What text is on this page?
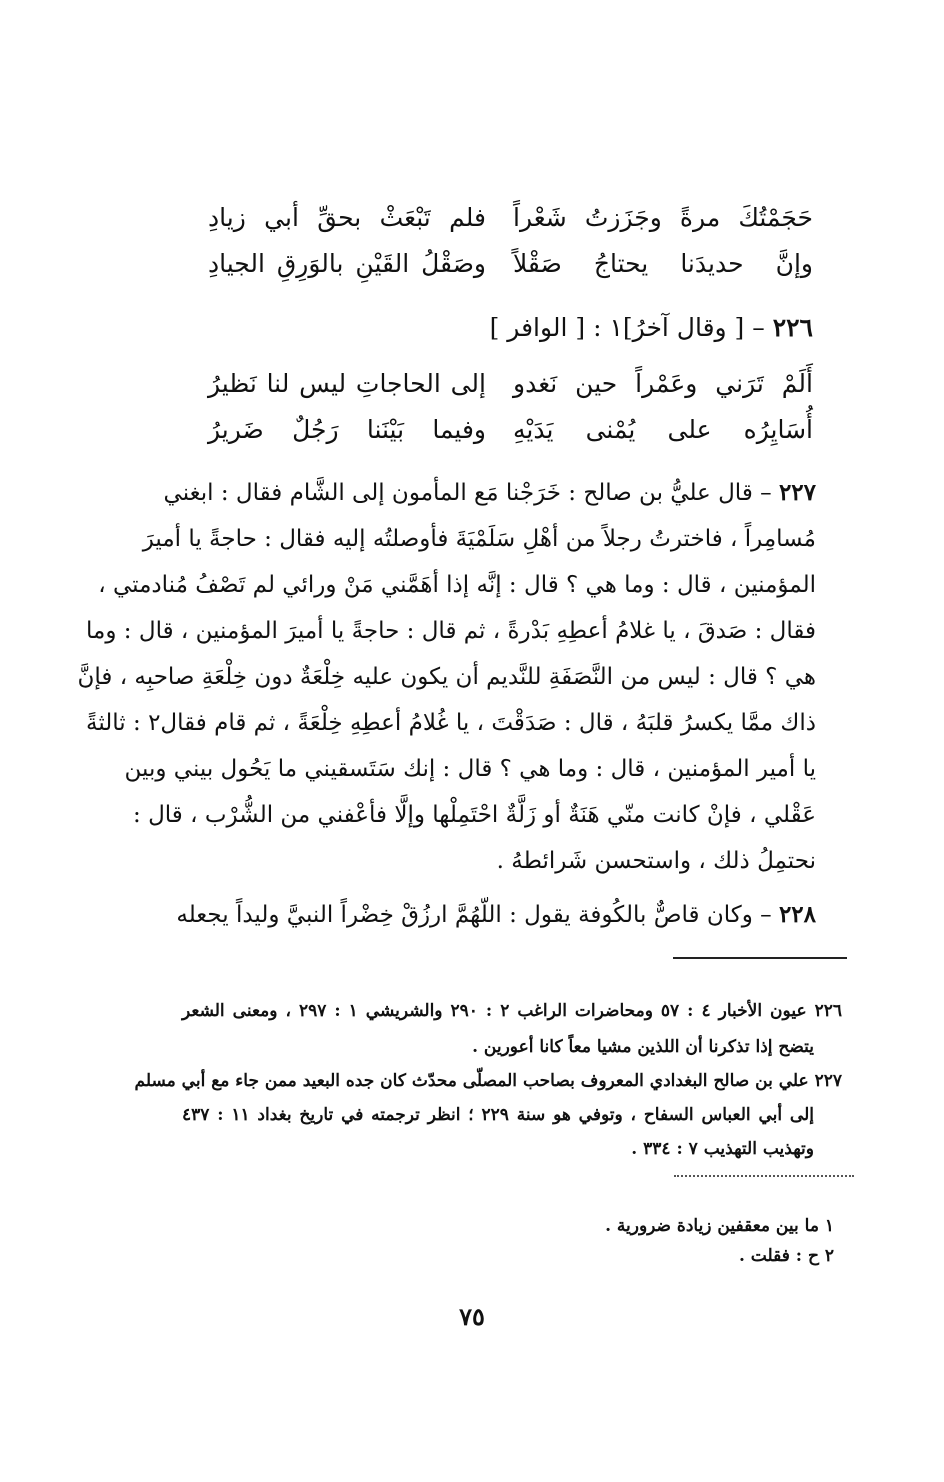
حَجَمْتُكَ مرةً وجَزَزتُ شَعْراً
فلم تَبْعَثْ بحقِّ أبي زيادِ
وإنَّ حديدَنا يحتاجُ صَقْلاً
وصَقْلُ القَيْنِ بالوَرِقِ الجيادِ
٢٢٦ – [ وقال آخرُ]١ : [ الوافر ]
أَلَمْ تَرَني وعَمْراً حين نَغدو
إلى الحاجاتِ ليس لنا نَظيرُ
أُسَايِرُه على يُمْنى يَدَيْهِ
وفيما بَيْنَنا رَجُلٌ ضَريرُ
٢٢٧ – قال عليُّ بن صالح : خَرَجْنا مَع المأمون إلى الشَّام فقال : ابغني
مُسامِراً ، فاخترتُ رجلاً من أهْلِ سَلَمْيَةَ فأوصلتُه إليه فقال : حاجةً يا أميرَ
المؤمنين ، قال : وما هي ؟ قال : إنَّه إذا أهَمَّني مَنْ ورائي لم تَصْفُ مُنادمتي ،
فقال : صَدقَ ، يا غلامُ أعطِهِ بَدْرةً ، ثم قال : حاجةً يا أميرَ المؤمنين ، قال : وما
هي ؟ قال : ليس من النَّصَفَةِ للنَّديم أن يكون عليه خِلْعَةٌ دون خِلْعَةِ صاحبِه ، فإنَّ
ذاك ممَّا يكسرُ قلبَهُ ، قال : صَدَقْتَ ، يا غُلامُ أعطِهِ خِلْعَةً ، ثم قام فقال٢ : ثالثةً
يا أمير المؤمنين ، قال : وما هي ؟ قال : إنك سَتَسقيني ما يَحُول بيني وبين
عَقْلي ، فإنْ كانت منّي هَنَةٌ أو زَلَّةٌ احْتَمِلْها وإلَّا فأعْفني من الشُّرْب ، قال :
نحتمِلُ ذلك ، واستحسن شَرائطهُ .
٢٢٨ – وكان قاصٌّ بالكُوفة يقول : اللّهُمَّ ارزُقْ خِضْراً النبيَّ وليداً يجعله
٢٢٦ عيون الأخبار ٤ : ٥٧ ومحاضرات الراغب ٢ : ٢٩٠ والشريشي ١ : ٢٩٧ ، ومعنى الشعر
يتضح إذا تذكرنا أن اللذين مشيا معاً كانا أعورين .
٢٢٧ علي بن صالح البغدادي المعروف بصاحب المصلّى محدّث كان جده البعيد ممن جاء مع أبي مسلم
إلى أبي العباس السفاح ، وتوفي هو سنة ٢٢٩ ؛ انظر ترجمته في تاريخ بغداد ١١ : ٤٣٧
وتهذيب التهذيب ٧ : ٣٣٤ .
١ ما بين معقفين زيادة ضرورية .
٢ ح : فقلت .
٧٥
